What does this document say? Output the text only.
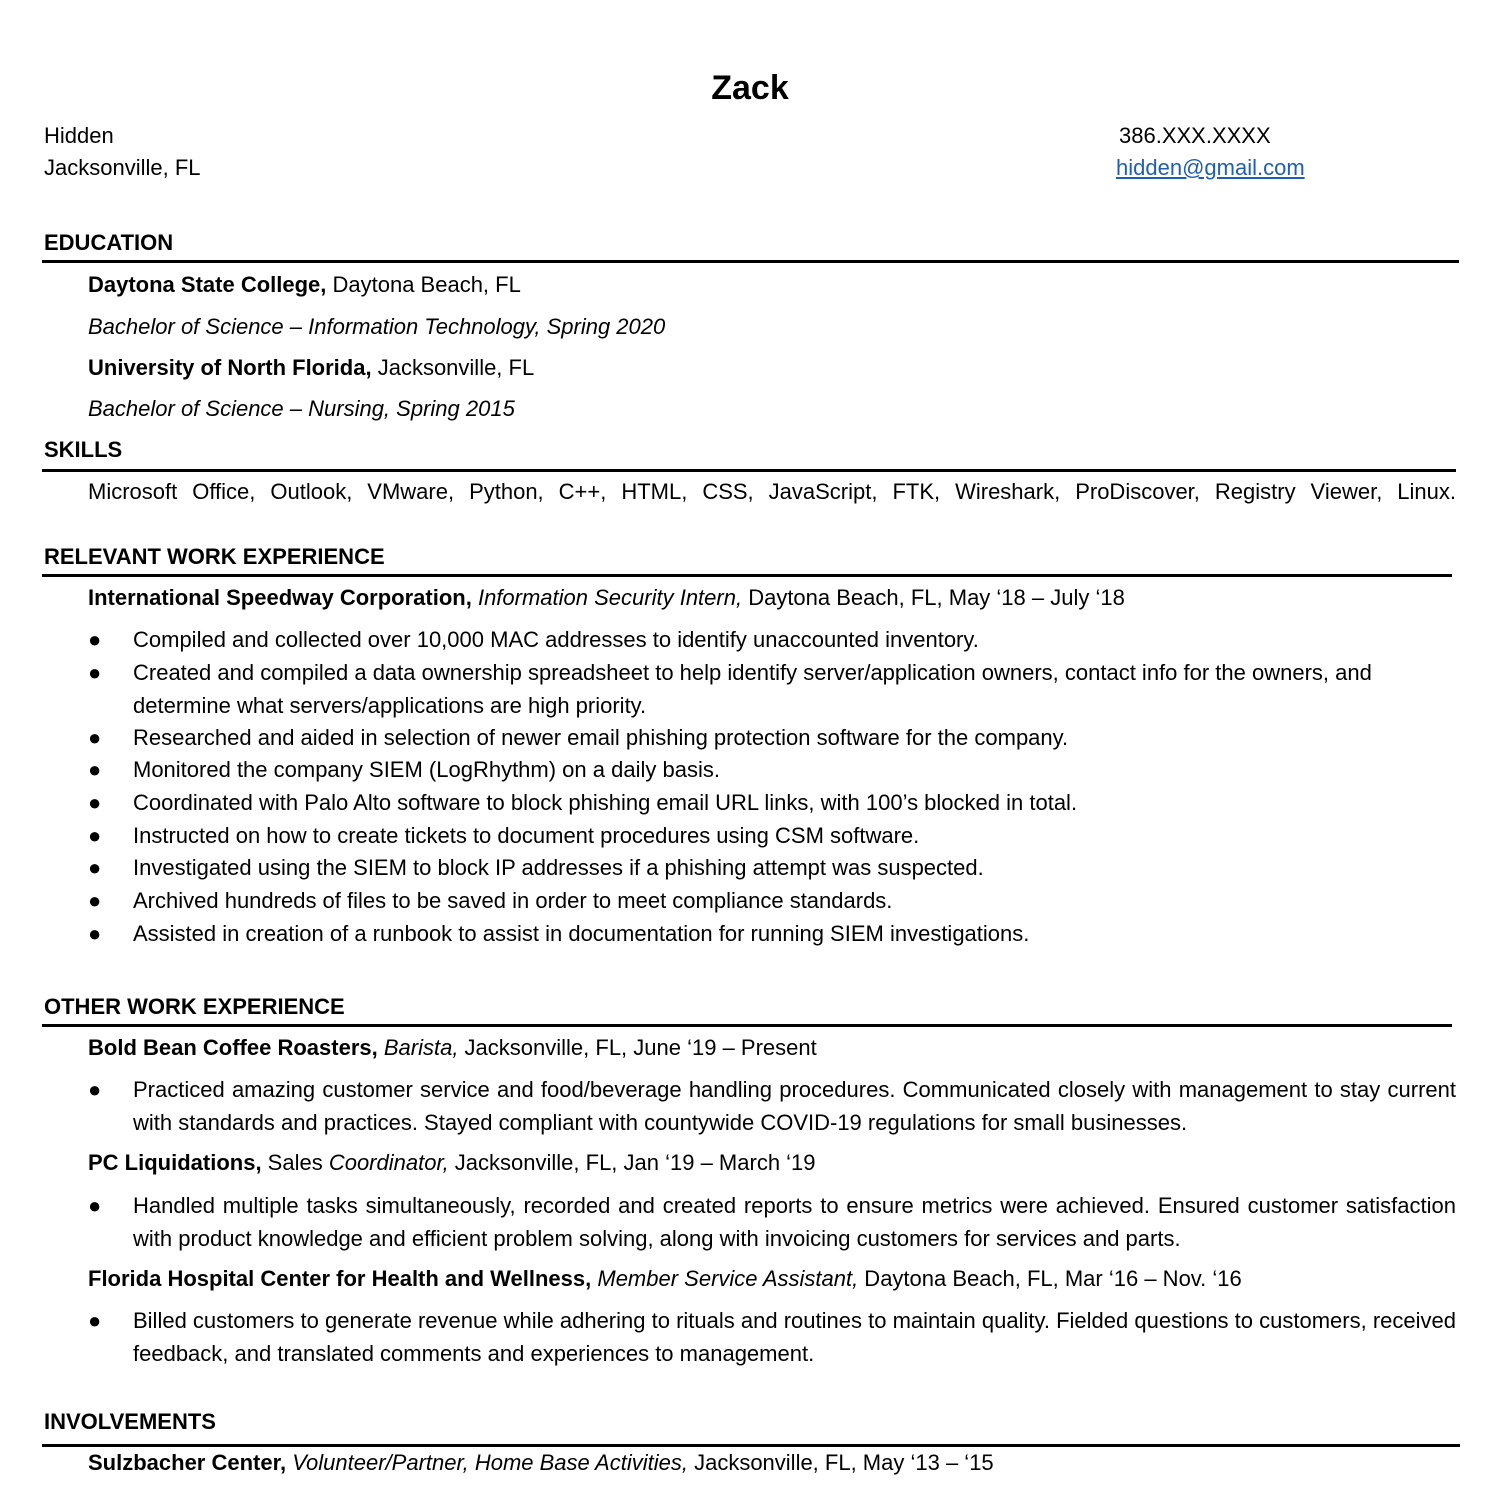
Zack
Hidden
Jacksonville, FL
386.XXX.XXXX
hidden@gmail.com
EDUCATION
Daytona State College, Daytona Beach, FL
Bachelor of Science – Information Technology, Spring 2020
University of North Florida, Jacksonville, FL
Bachelor of Science – Nursing, Spring 2015
SKILLS
Microsoft Office, Outlook, VMware, Python, C++, HTML, CSS, JavaScript, FTK, Wireshark, ProDiscover, Registry Viewer, Linux.
RELEVANT WORK EXPERIENCE
International Speedway Corporation, Information Security Intern, Daytona Beach, FL, May ‘18 – July ‘18
● Compiled and collected over 10,000 MAC addresses to identify unaccounted inventory.
● Created and compiled a data ownership spreadsheet to help identify server/application owners, contact info for the owners, and determine what servers/applications are high priority.
● Researched and aided in selection of newer email phishing protection software for the company.
● Monitored the company SIEM (LogRhythm) on a daily basis.
● Coordinated with Palo Alto software to block phishing email URL links, with 100’s blocked in total.
● Instructed on how to create tickets to document procedures using CSM software.
● Investigated using the SIEM to block IP addresses if a phishing attempt was suspected.
● Archived hundreds of files to be saved in order to meet compliance standards.
● Assisted in creation of a runbook to assist in documentation for running SIEM investigations.
OTHER WORK EXPERIENCE
Bold Bean Coffee Roasters, Barista, Jacksonville, FL, June ‘19 – Present
● Practiced amazing customer service and food/beverage handling procedures. Communicated closely with management to stay current with standards and practices. Stayed compliant with countywide COVID-19 regulations for small businesses.
PC Liquidations, Sales Coordinator, Jacksonville, FL, Jan ‘19 – March ‘19
● Handled multiple tasks simultaneously, recorded and created reports to ensure metrics were achieved. Ensured customer satisfaction with product knowledge and efficient problem solving, along with invoicing customers for services and parts.
Florida Hospital Center for Health and Wellness, Member Service Assistant, Daytona Beach, FL, Mar ‘16 – Nov. ‘16
● Billed customers to generate revenue while adhering to rituals and routines to maintain quality. Fielded questions to customers, received feedback, and translated comments and experiences to management.
INVOLVEMENTS
Sulzbacher Center, Volunteer/Partner, Home Base Activities, Jacksonville, FL, May ‘13 – ‘15
